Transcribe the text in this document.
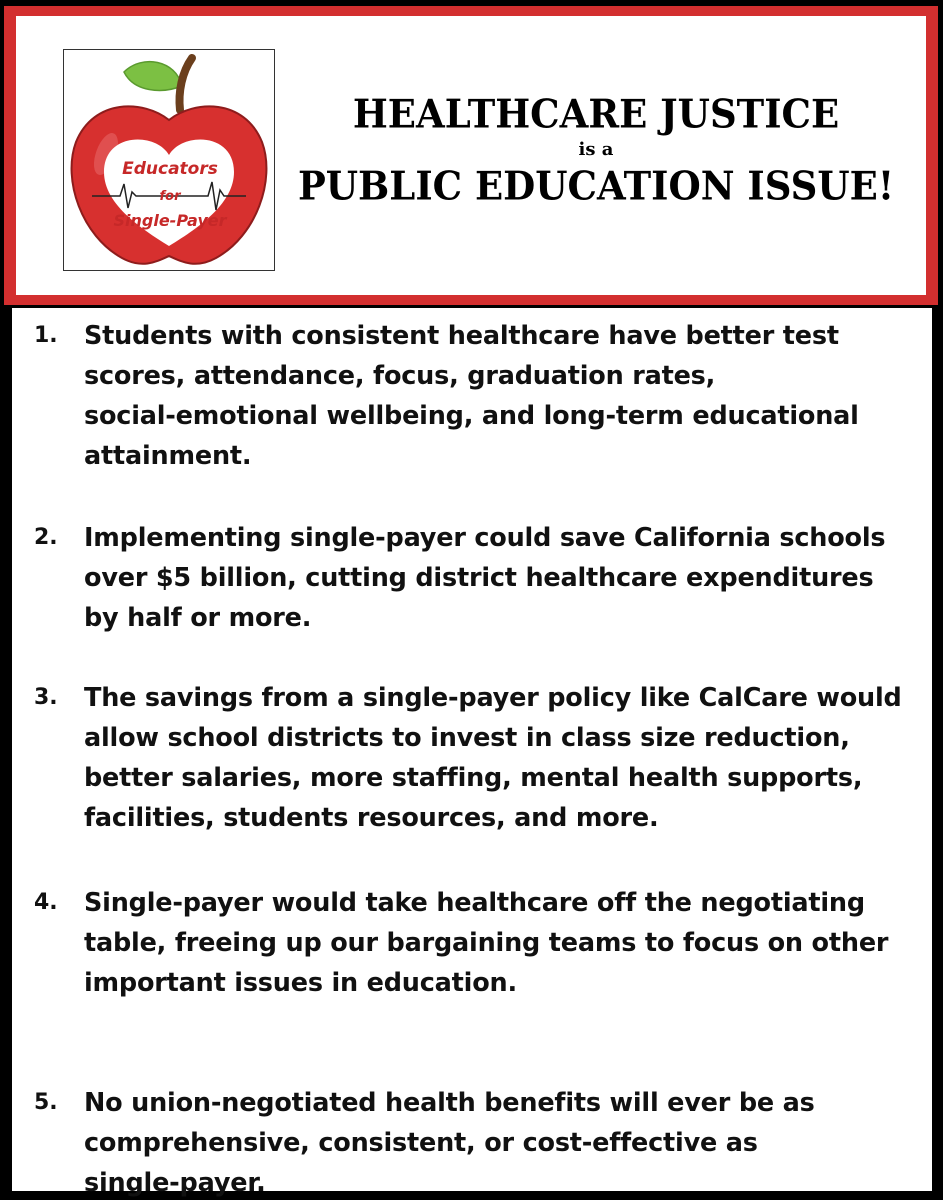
Educators
for
Single-Payer
HEALTHCARE JUSTICE
is a
PUBLIC EDUCATION ISSUE!
1.	Students with consistent healthcare have better test
scores, attendance, focus, graduation rates,
social-emotional wellbeing, and long-term educational
attainment.
2.	Implementing single-payer could save California schools
over $5 billion, cutting district healthcare expenditures
by half or more.
3.	The savings from a single-payer policy like CalCare would
allow school districts to invest in class size reduction,
better salaries, more staffing, mental health supports,
facilities, students resources, and more.
4.	Single-payer would take healthcare off the negotiating
table, freeing up our bargaining teams to focus on other
important issues in education.
5.	No union-negotiated health benefits will ever be as
comprehensive, consistent, or cost-effective as
single-payer.
